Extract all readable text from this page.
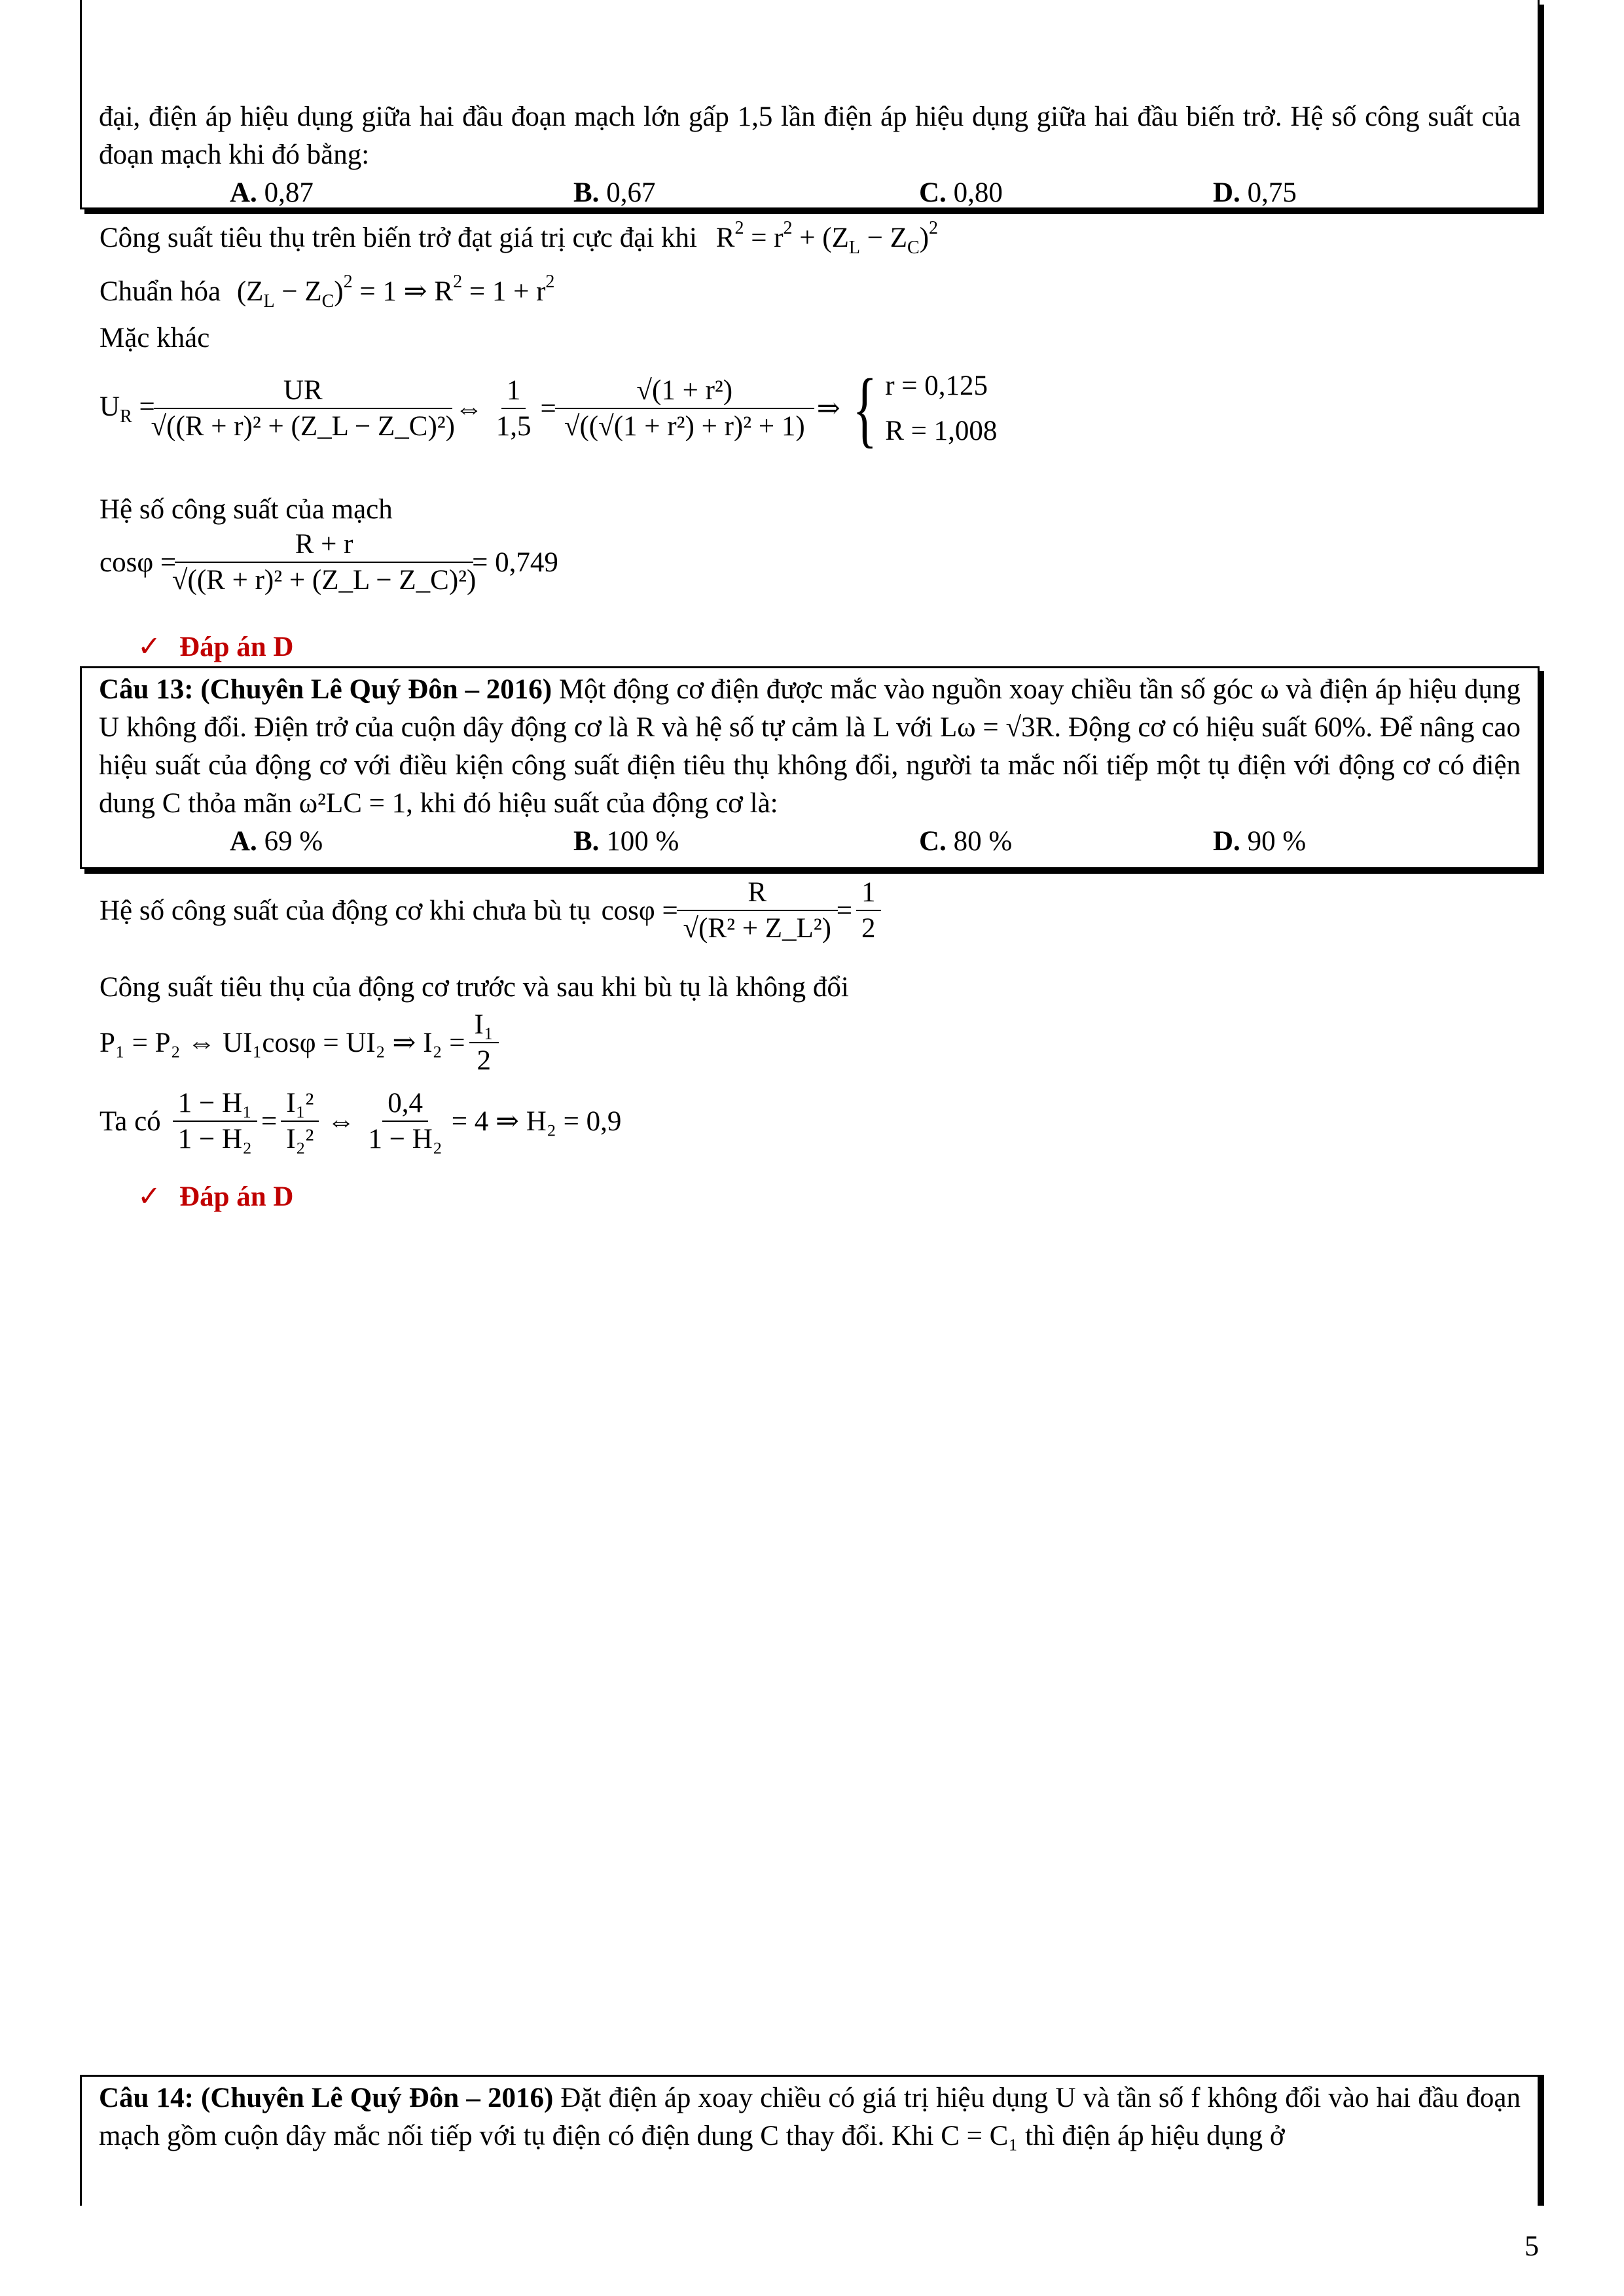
đại, điện áp hiệu dụng giữa hai đầu đoạn mạch lớn gấp 1,5 lần điện áp hiệu dụng giữa hai đầu biến trở. Hệ số công suất của đoạn mạch khi đó bằng:

A. 0,87	B. 0,67	C. 0,80	D. 0,75
Công suất tiêu thụ trên biến trở đạt giá trị cực đại khi $R^2 = r^2 + (Z_L - Z_C)^2$
Chuẩn hóa $(Z_L - Z_C)^2 = 1$ ⇒ $R^2 = 1 + r^2$
Mặc khác
$U_R = \frac{UR}{\text{√((R + r)² + (Z\_L − Z\_C)²)}}$ ⇔ $\frac{1}{1,5} = \frac{\text{√(1 + r²)}}{\text{√((√(1 + r²) + r)² + 1)}}$ ⇒ { r = 0,125
R = 1,008
Hệ số công suất của mạch
$\cos\varphi = \frac{R + r}{\text{√((R + r)² + (Z\_L − Z\_C)²)}} = 0,749$
✓ Đáp án D

Câu 13: (Chuyên Lê Quý Đôn – 2016) Một động cơ điện được mắc vào nguồn xoay chiều tần số góc ω và điện áp hiệu dụng U không đổi. Điện trở của cuộn dây động cơ là R và hệ số tự cảm là L với Lω = √3R. Động cơ có hiệu suất 60%. Để nâng cao hiệu suất của động cơ với điều kiện công suất điện tiêu thụ không đổi, người ta mắc nối tiếp một tụ điện với động cơ có điện dung C thỏa mãn ω²LC = 1, khi đó hiệu suất của động cơ là:

A. 69 %	B. 100 %	C. 80 %	D. 90 %
Hệ số công suất của động cơ khi chưa bù tụ $\cos\varphi = \frac{R}{\text{√(R² + Z\_L²)}} = \frac{1}{2}$
Công suất tiêu thụ của động cơ trước và sau khi bù tụ là không đổi
P₁ = P₂ ⇔ UI₁cosφ = UI₂ ⇒ $I_2 = \frac{\text{I₁}}{2}$
Ta có $\frac{\text{1 − H₁}}{\text{1 − H₂}} = \frac{\text{I₁²}}{\text{I₂²}}$ ⇔ $\frac{0,4}{\text{1 − H₂}} = 4$ ⇒ H₂ = 0,9
✓ Đáp án D

Câu 14: (Chuyên Lê Quý Đôn – 2016) Đặt điện áp xoay chiều có giá trị hiệu dụng U và tần số f không đổi vào hai đầu đoạn mạch gồm cuộn dây mắc nối tiếp với tụ điện có điện dung C thay đổi. Khi C = C₁ thì điện áp hiệu dụng ở

5
